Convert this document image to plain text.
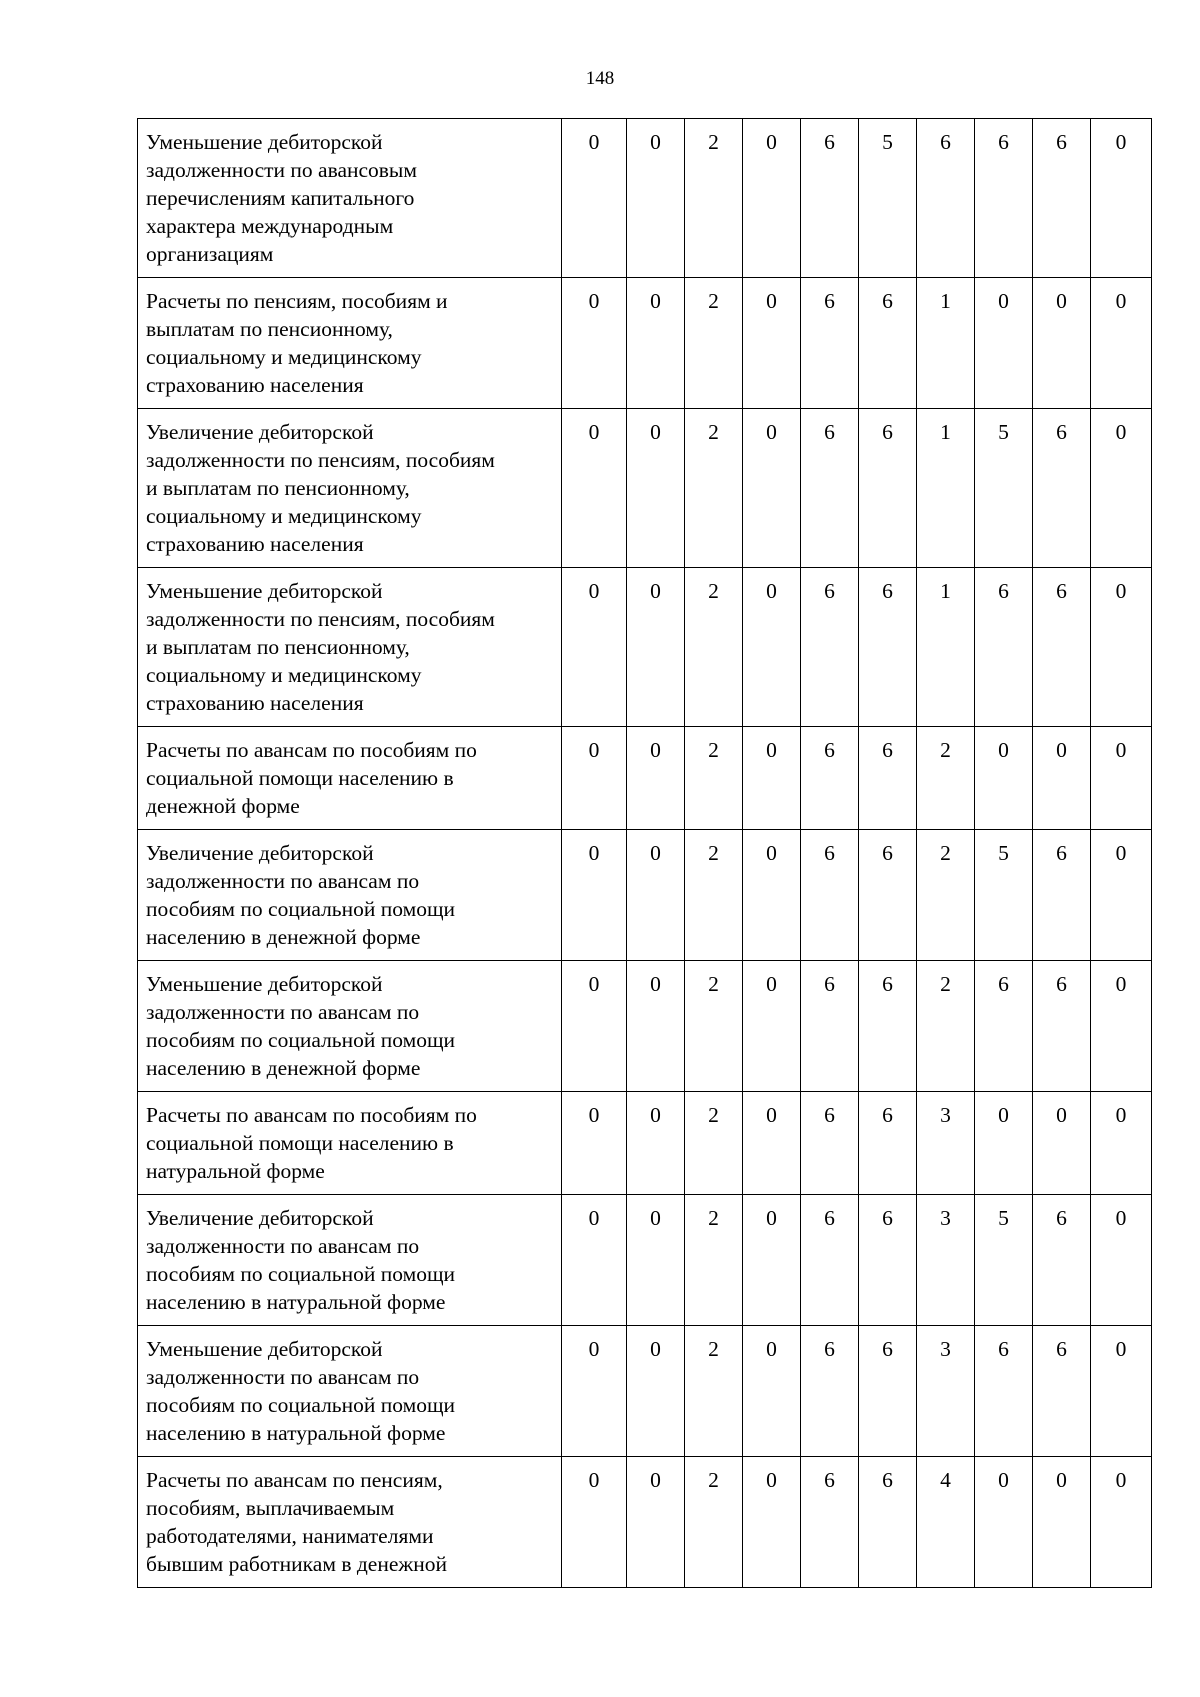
148
Уменьшение дебиторской
задолженности по авансовым
перечислениям капитального
характера международным
организациям	0	0	2	0	6	5	6	6	6	0
Расчеты по пенсиям, пособиям и
выплатам по пенсионному,
социальному и медицинскому
страхованию населения	0	0	2	0	6	6	1	0	0	0
Увеличение дебиторской
задолженности по пенсиям, пособиям
и выплатам по пенсионному,
социальному и медицинскому
страхованию населения	0	0	2	0	6	6	1	5	6	0
Уменьшение дебиторской
задолженности по пенсиям, пособиям
и выплатам по пенсионному,
социальному и медицинскому
страхованию населения	0	0	2	0	6	6	1	6	6	0
Расчеты по авансам по пособиям по
социальной помощи населению в
денежной форме	0	0	2	0	6	6	2	0	0	0
Увеличение дебиторской
задолженности по авансам по
пособиям по социальной помощи
населению в денежной форме	0	0	2	0	6	6	2	5	6	0
Уменьшение дебиторской
задолженности по авансам по
пособиям по социальной помощи
населению в денежной форме	0	0	2	0	6	6	2	6	6	0
Расчеты по авансам по пособиям по
социальной помощи населению в
натуральной форме	0	0	2	0	6	6	3	0	0	0
Увеличение дебиторской
задолженности по авансам по
пособиям по социальной помощи
населению в натуральной форме	0	0	2	0	6	6	3	5	6	0
Уменьшение дебиторской
задолженности по авансам по
пособиям по социальной помощи
населению в натуральной форме	0	0	2	0	6	6	3	6	6	0
Расчеты по авансам по пенсиям,
пособиям, выплачиваемым
работодателями, нанимателями
бывшим работникам в денежной	0	0	2	0	6	6	4	0	0	0
